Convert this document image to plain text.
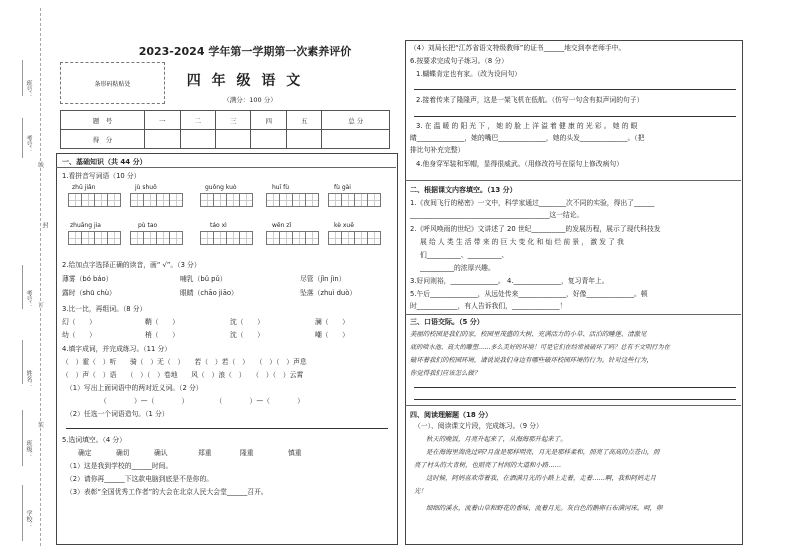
班号：
考号：
封
考号：
姓名：
班级：
学校：
线
订
装
2023-2024 学年第一学期第一次素养评价
条形码粘贴处	四 年 级 语 文
（满分：100 分）
题　号	一	二	三	四	五	总 分
得　分						
一、基础知识（共 44 分）
1.看拼音写词语（10 分）
zhū jiǎn	jù shuō	guǒng kuò	huī fù	fù gài
zhuāng jia	pù tao	táo xì	wēn zǐ	kè xuē
2.给加点字选择正确的读音，画“ √”。（3 分）
薄雾（bó báo）	哺乳（bǔ pǔ）	尽管（jǐn jìn）
露时（shū chù）	眼睛（chāo jiāo）	坠落（zhuì duò）
3.比一比，再组词。（8 分）
幻（　　）	鞘（　　）	沈（　　）	澜（　　）
幼（　　）	梢（　　）	沈（　　）	嘲（　　）
4.填字成词，并完成练习。（11 分）
（　）霍（　）听　　骑（　）无（　）　　若（　）若（　）　　（　）（　）声息
（　）声（　）语　　（　）（　）卷地　　风（　）浪（　）　　（　）（　）云霄
（1）写出上面词语中的两对近义词。（2 分）
（　　　　）—（　　　　）　　　　　（　　　　）—（　　　　）
（2）任选一个词语造句。（1 分）
5.选词填空。（4 分）
确定	确切	确认	郑重	隆重	慎重
（1）这是我到学校的______时间。
（2）请你再______下这款电脑到底是不是你的。
（3）表彰“全国优秀工作者”的大会在北京人民大会堂______召开。
（4）刘局长把“江苏省语文特级教师”的证书______地交到李老师手中。
6.按要求完成句子练习。（8 分）
1.蝴蝶肯定也有家。（改为设问句）
2.接着传来了隆隆声，这是一架飞机在低航。（仿写一句含有拟声词的句子）
3. 在 温 暖 的 阳 光 下 ， 她 的 脸 上 洋 溢 着 健 康 的 光 彩 。 她 的 眼
睛______________，她的嘴巴______________，她的头发______________。（把
排比句补充完整）
4.他身穿军装和军帽，显得很威武。（用修改符号在原句上修改病句）
二、根据课文内容填空。（13 分）
1.《夜间飞行的秘密》一文中，科学家通过________次不同的实验，得出了______
_________________________________________这一结论。
2.《呼风唤雨的世纪》文讲述了 20 世纪__________的发展历程，展示了现代科技发
展 给 人 类 生 活 带 来 的 巨 大 变 化 和 灿 烂 前 景 ， 激 发 了 我
们__________、__________、
__________的浓厚兴趣。
3.好问则裕，______________。 4.______________，复习青年上。
5.午后______________，从远处传来______________，好像______________。顿
时____________，有人告诉我们，______________！
三、口语交际。（5 分）
美丽的校园是我们的家，校园里茂盛的大树、充满活力的小草、活泊的睡莲、清澈见
底的喷水池、高大的雕塑……多么美好的环境！可是它们在经常被破坏了吗？总有不文明行为在
破坏着我们的校园环境，请说说我们身边有哪些破坏校园环境的行为。针对这些行为，
你觉得我们应该怎么做？
四、阅读理解题（18 分）
（一）、阅读课文片段，完成练习。（9 分）
秋天的晚饭，月亮升起来了，从海海那升起来了。
是在海海里淘洗过吗?月盘是那样明亮，月光是那样柔和，照亮了高高的点苍山，照
亮了村头的大青树，也照亮了村间的大道和小路……
这时候，阿妈喜欢带着我，在洒满月光的小路上走着，走着……啊，我和阿妈走月
光！
细细的溪水，流着山草和野花的香味，流着月光。灰白色的鹅卵石布满河床。呵，卵
